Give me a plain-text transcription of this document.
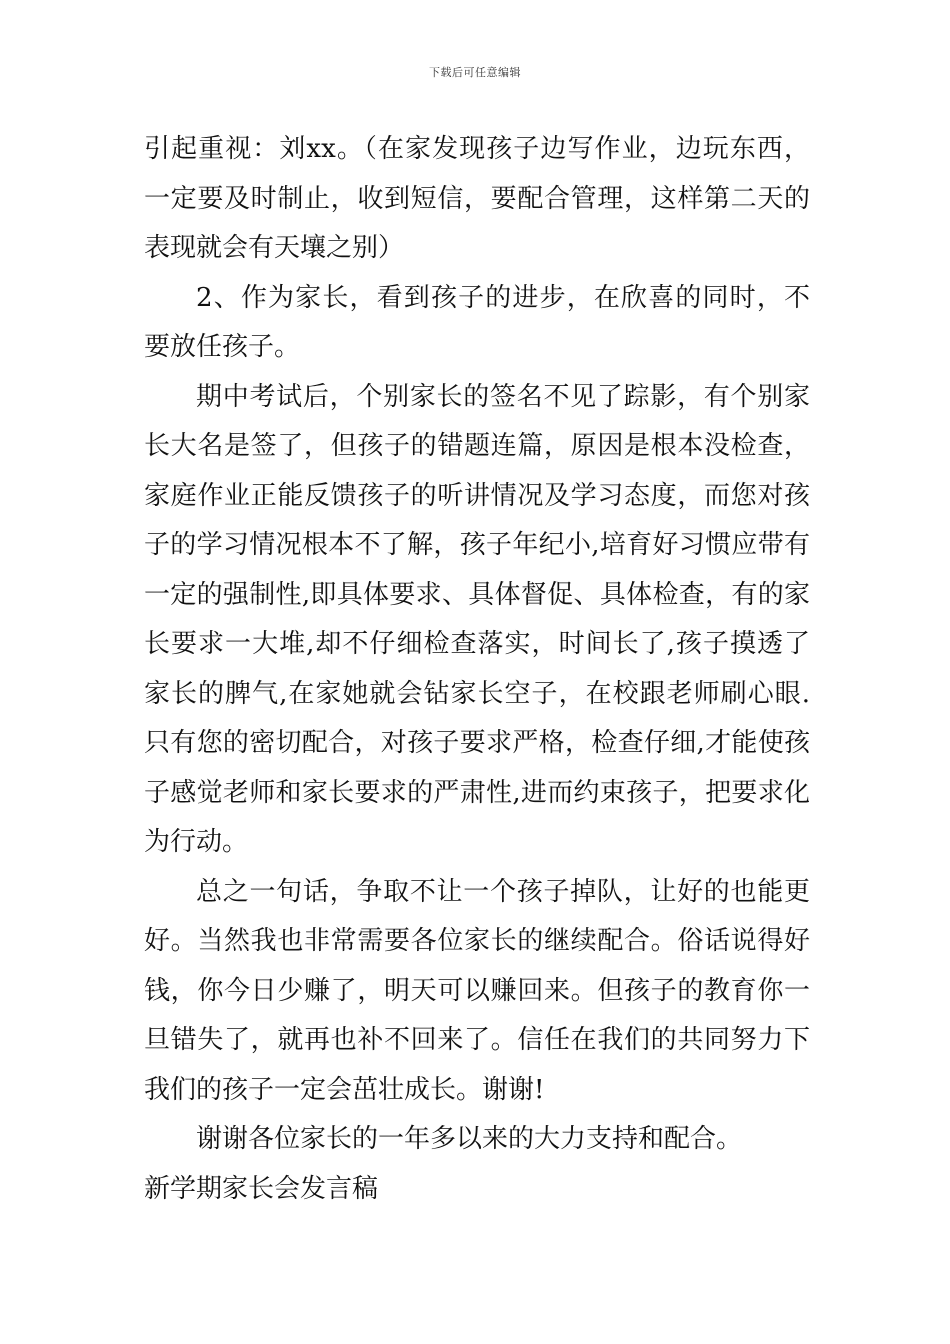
下载后可任意编辑

引起重视：刘xx。（在家发现孩子边写作业，边玩东西，一定要及时制止，收到短信，要配合管理，这样第二天的表现就会有天壤之别）

2、作为家长，看到孩子的进步，在欣喜的同时，不要放任孩子。

期中考试后，个别家长的签名不见了踪影，有个别家长大名是签了，但孩子的错题连篇，原因是根本没检查，家庭作业正能反馈孩子的听讲情况及学习态度，而您对孩子的学习情况根本不了解，孩子年纪小,培育好习惯应带有一定的强制性,即具体要求、具体督促、具体检查，有的家长要求一大堆,却不仔细检查落实，时间长了,孩子摸透了家长的脾气,在家她就会钻家长空子，在校跟老师刷心眼.只有您的密切配合，对孩子要求严格，检查仔细,才能使孩子感觉老师和家长要求的严肃性,进而约束孩子，把要求化为行动。

总之一句话，争取不让一个孩子掉队，让好的也能更好。当然我也非常需要各位家长的继续配合。俗话说得好钱，你今日少赚了，明天可以赚回来。但孩子的教育你一旦错失了，就再也补不回来了。信任在我们的共同努力下我们的孩子一定会茁壮成长。谢谢!

谢谢各位家长的一年多以来的大力支持和配合。

新学期家长会发言稿
